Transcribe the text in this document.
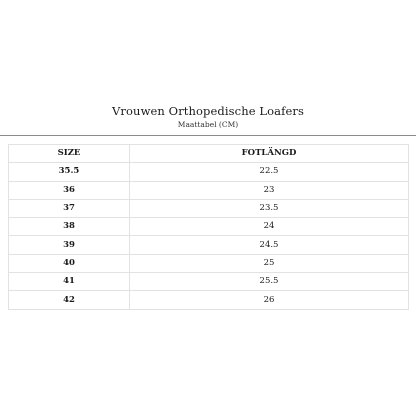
Vrouwen Orthopedische Loafers
Maattabel (CM)
SIZE	FOTLÄNGD
35.5	22.5
36	23
37	23.5
38	24
39	24.5
40	25
41	25.5
42	26
